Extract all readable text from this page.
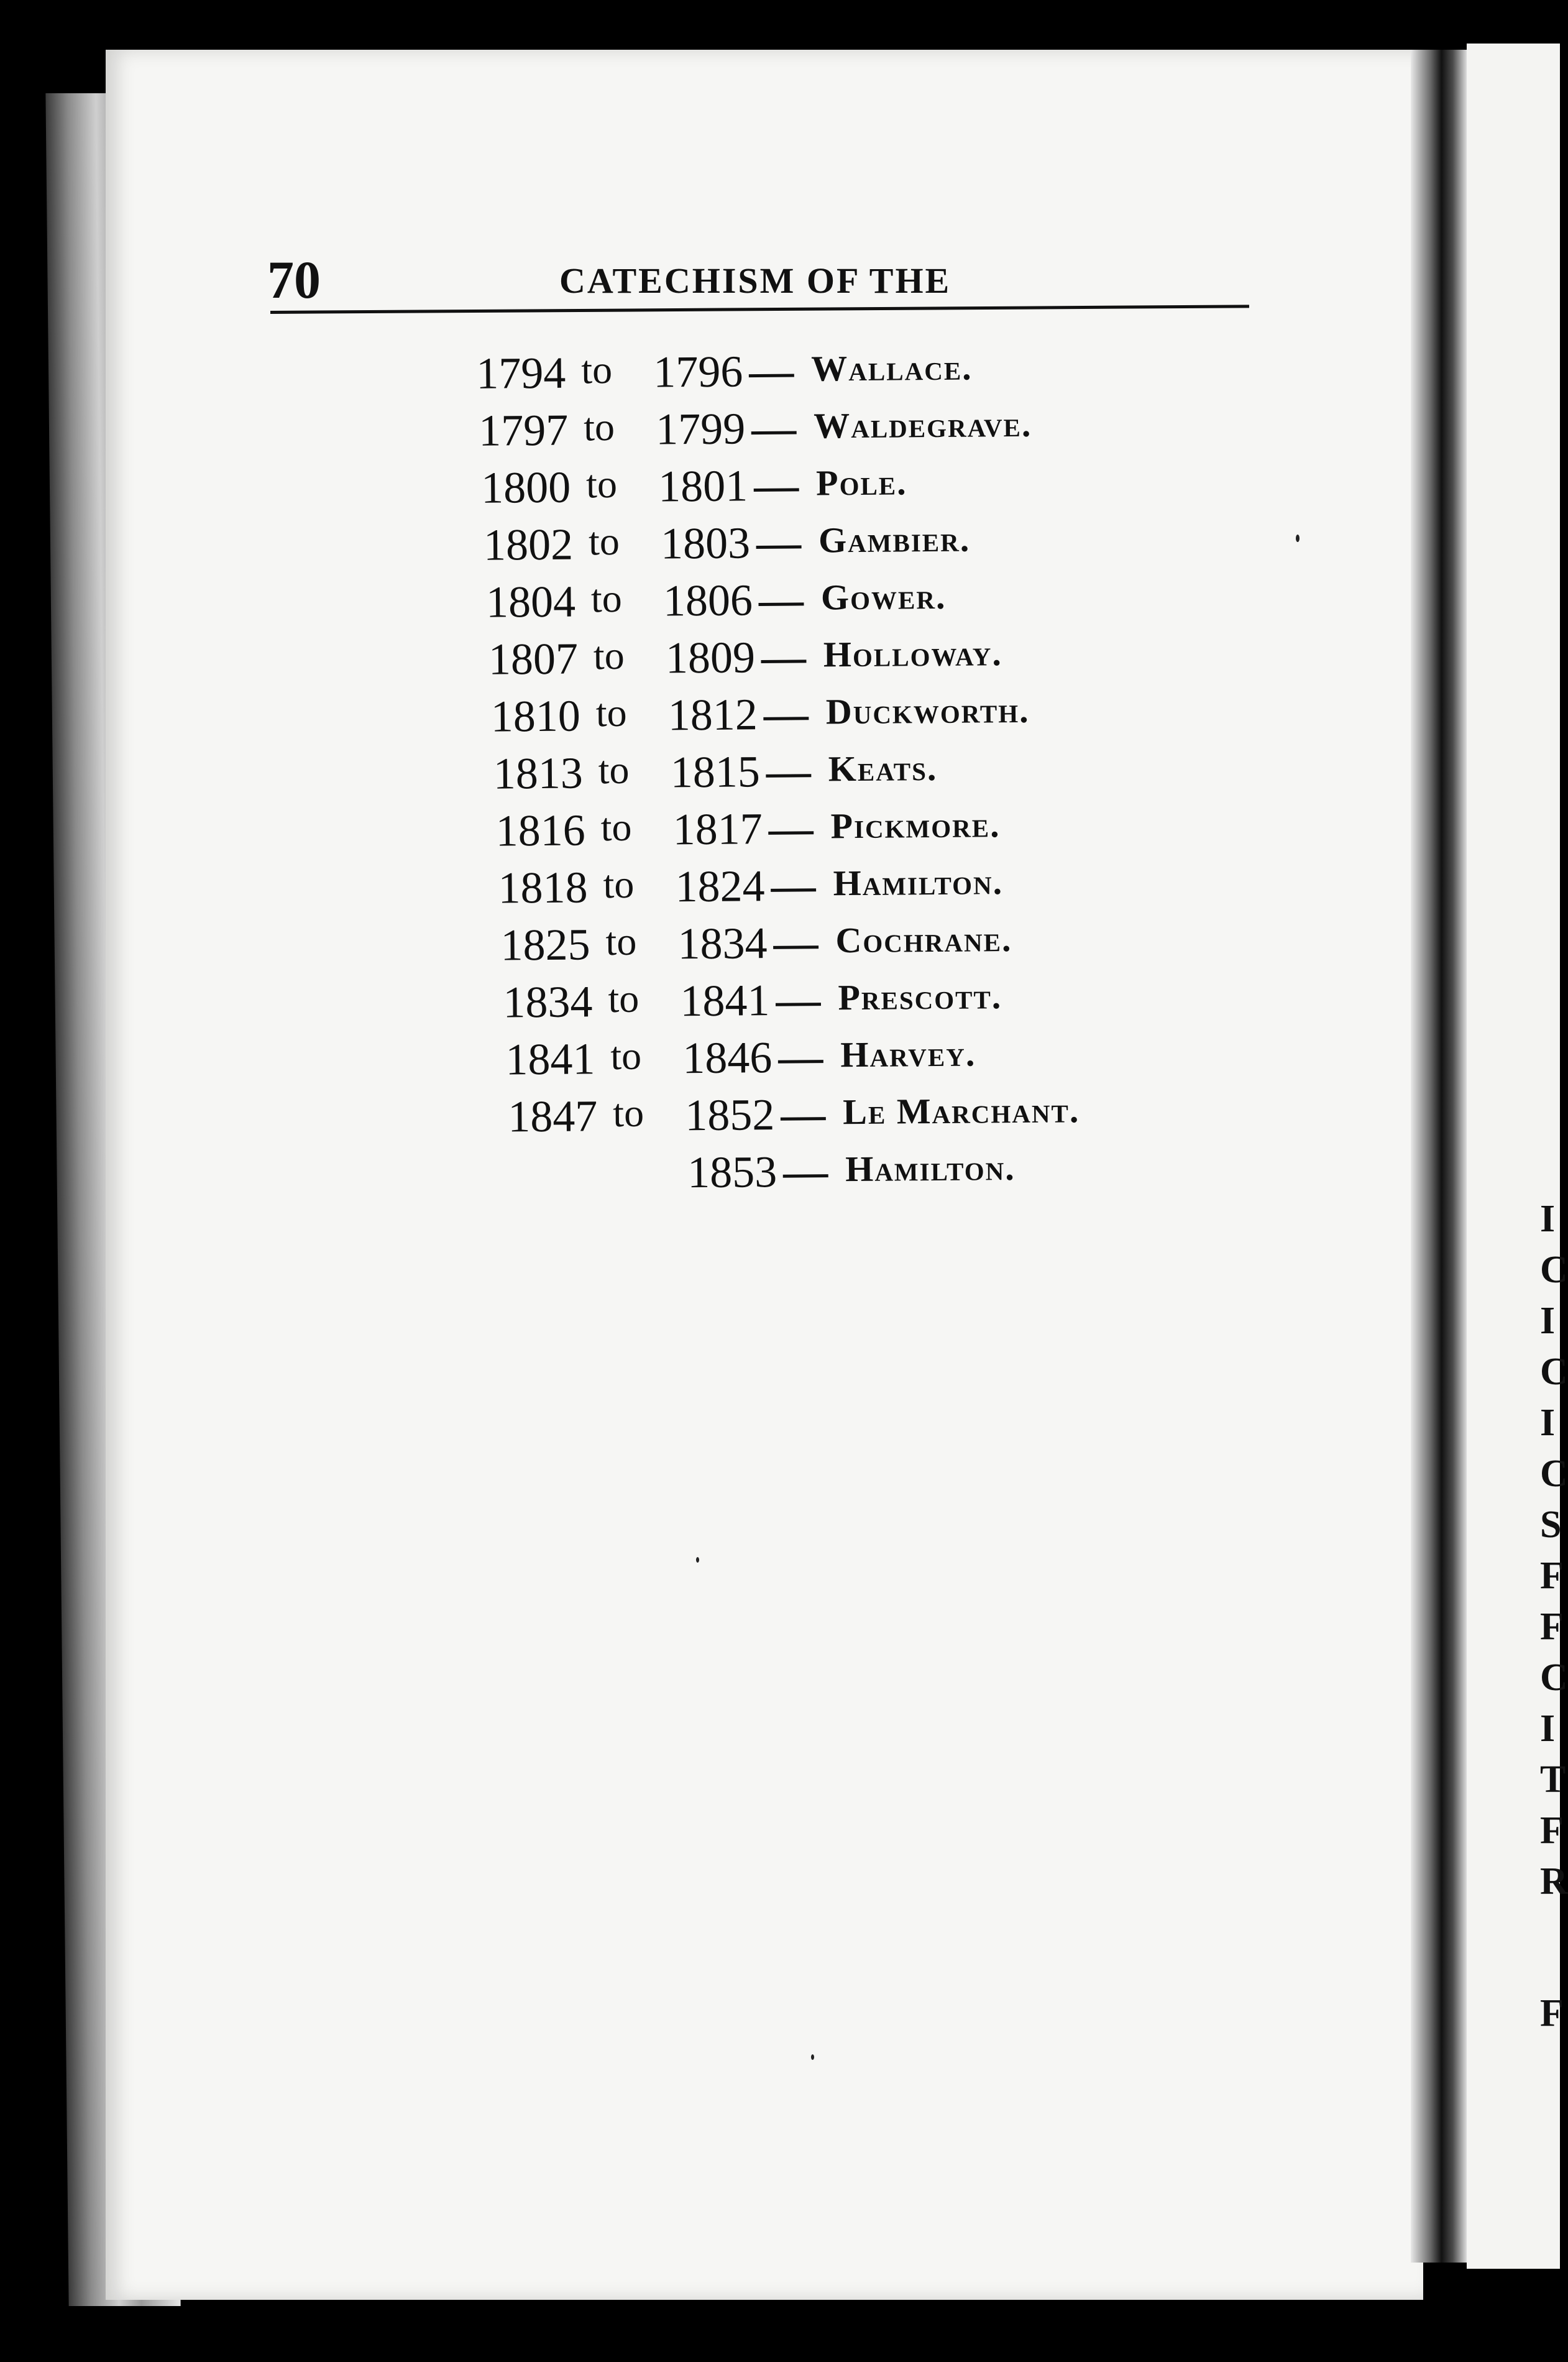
I
C
I
C
I
C
S
F
F
C
I
T
F
R
F
70	CATECHISM OF THE
1794 to 1796 — Wallace.
1797 to 1799 — Waldegrave.
1800 to 1801 — Pole.
1802 to 1803 — Gambier.
1804 to 1806 — Gower.
1807 to 1809 — Holloway.
1810 to 1812 — Duckworth.
1813 to 1815 — Keats.
1816 to 1817 — Pickmore.
1818 to 1824 — Hamilton.
1825 to 1834 — Cochrane.
1834 to 1841 — Prescott.
1841 to 1846 — Harvey.
1847 to 1852 — Le Marchant.
1853 — Hamilton.
